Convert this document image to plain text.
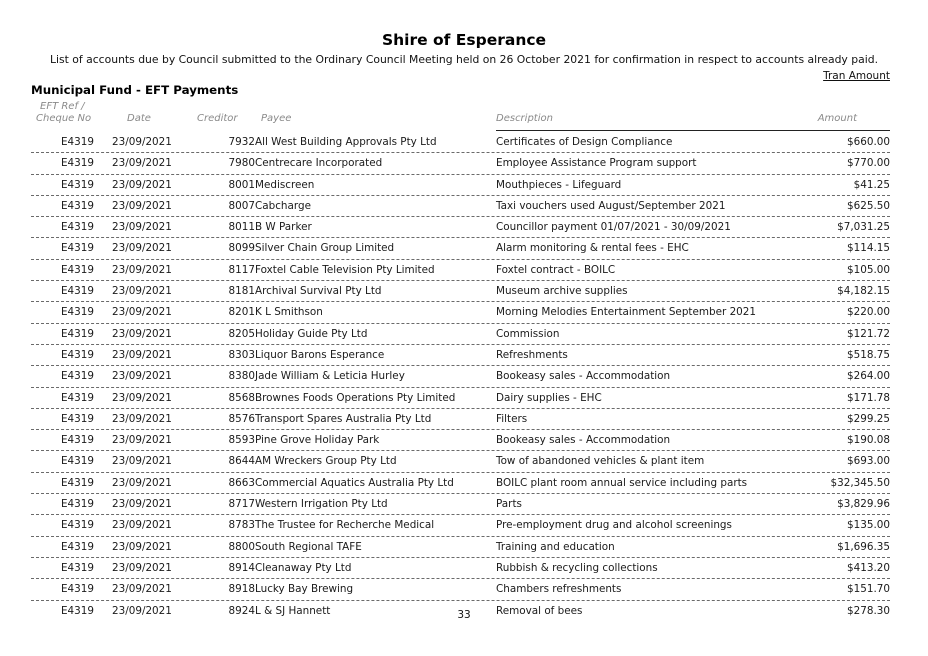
Shire of Esperance
List of accounts due by Council submitted to the Ordinary Council Meeting held on 26 October 2021 for confirmation in respect to accounts already paid.
Tran Amount
Municipal Fund - EFT Payments
EFT Ref /
Cheque No	Date	Creditor Payee	Description	Amount
E4319 23/09/2021	7932 All West Building Approvals Pty Ltd	Certificates of Design Compliance	$660.00
E4319 23/09/2021	7980 Centrecare Incorporated	Employee Assistance Program support	$770.00
E4319 23/09/2021	8001 Mediscreen	Mouthpieces - Lifeguard	$41.25
E4319 23/09/2021	8007 Cabcharge	Taxi vouchers used August/September 2021	$625.50
E4319 23/09/2021	8011 B W Parker	Councillor payment 01/07/2021 - 30/09/2021	$7,031.25
E4319 23/09/2021	8099 Silver Chain Group Limited	Alarm monitoring & rental fees - EHC	$114.15
E4319 23/09/2021	8117 Foxtel Cable Television Pty Limited	Foxtel contract - BOILC	$105.00
E4319 23/09/2021	8181 Archival Survival Pty Ltd	Museum archive supplies	$4,182.15
E4319 23/09/2021	8201 K L Smithson	Morning Melodies Entertainment September 2021	$220.00
E4319 23/09/2021	8205 Holiday Guide Pty Ltd	Commission	$121.72
E4319 23/09/2021	8303 Liquor Barons Esperance	Refreshments	$518.75
E4319 23/09/2021	8380 Jade William & Leticia Hurley	Bookeasy sales - Accommodation	$264.00
E4319 23/09/2021	8568 Brownes Foods Operations Pty Limited	Dairy supplies - EHC	$171.78
E4319 23/09/2021	8576 Transport Spares Australia Pty Ltd	Filters	$299.25
E4319 23/09/2021	8593 Pine Grove Holiday Park	Bookeasy sales - Accommodation	$190.08
E4319 23/09/2021	8644 AM Wreckers Group Pty Ltd	Tow of abandoned vehicles & plant item	$693.00
E4319 23/09/2021	8663 Commercial Aquatics Australia Pty Ltd	BOILC plant room annual service including parts	$32,345.50
E4319 23/09/2021	8717 Western Irrigation Pty Ltd	Parts	$3,829.96
E4319 23/09/2021	8783 The Trustee for Recherche Medical	Pre-employment drug and alcohol screenings	$135.00
E4319 23/09/2021	8800 South Regional TAFE	Training and education	$1,696.35
E4319 23/09/2021	8914 Cleanaway Pty Ltd	Rubbish & recycling collections	$413.20
E4319 23/09/2021	8918 Lucky Bay Brewing	Chambers refreshments	$151.70
E4319 23/09/2021	8924 L & SJ Hannett	Removal of bees	$278.30
33
